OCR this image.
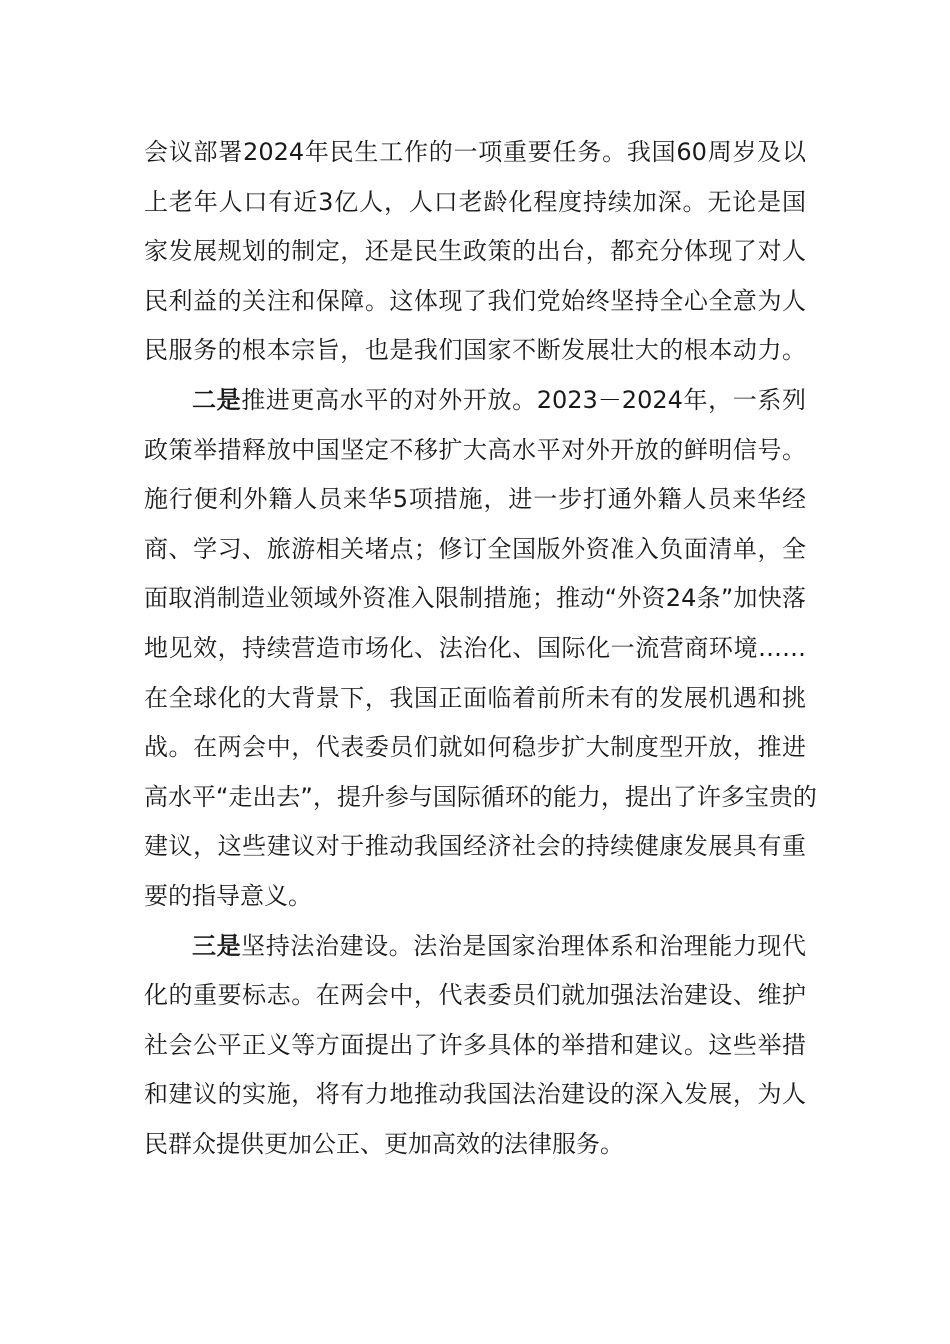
会议部署2024年民生工作的一项重要任务。我国60周岁及以
上老年人口有近3亿人，人口老龄化程度持续加深。无论是国
家发展规划的制定，还是民生政策的出台，都充分体现了对人
民利益的关注和保障。这体现了我们党始终坚持全心全意为人
民服务的根本宗旨，也是我们国家不断发展壮大的根本动力。
二是推进更高水平的对外开放。2023－2024年，一系列
政策举措释放中国坚定不移扩大高水平对外开放的鲜明信号。
施行便利外籍人员来华5项措施，进一步打通外籍人员来华经
商、学习、旅游相关堵点；修订全国版外资准入负面清单，全
面取消制造业领域外资准入限制措施；推动“外资24条”加快落
地见效，持续营造市场化、法治化、国际化一流营商环境……
在全球化的大背景下，我国正面临着前所未有的发展机遇和挑
战。在两会中，代表委员们就如何稳步扩大制度型开放，推进
高水平“走出去”，提升参与国际循环的能力，提出了许多宝贵的
建议，这些建议对于推动我国经济社会的持续健康发展具有重
要的指导意义。
三是坚持法治建设。法治是国家治理体系和治理能力现代
化的重要标志。在两会中，代表委员们就加强法治建设、维护
社会公平正义等方面提出了许多具体的举措和建议。这些举措
和建议的实施，将有力地推动我国法治建设的深入发展，为人
民群众提供更加公正、更加高效的法律服务。
